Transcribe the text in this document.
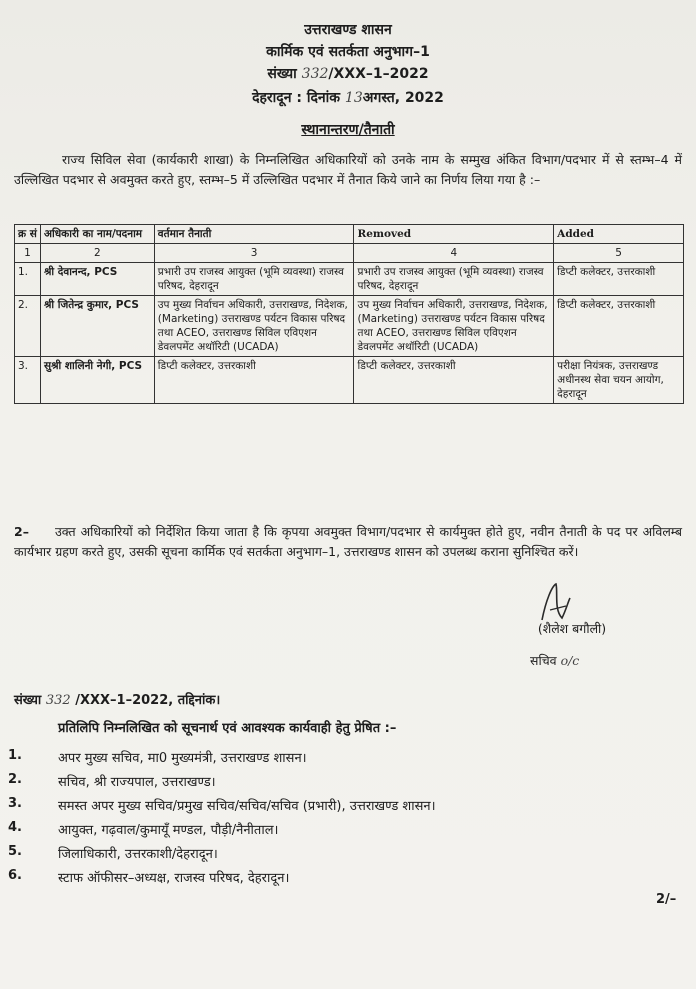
उत्तराखण्ड शासन
कार्मिक एवं सतर्कता अनुभाग–1
संख्या 332/XXX–1–2022
देहरादून : दिनांक 13अगस्त, 2022
स्थानान्तरण/तैनाती
राज्य सिविल सेवा (कार्यकारी शाखा) के निम्नलिखित अधिकारियों को उनके नाम के सम्मुख अंकित विभाग/पदभार में से स्तम्भ–4 में उल्लिखित पदभार से अवमुक्त करते हुए, स्तम्भ–5 में उल्लिखित पदभार में तैनात किये जाने का निर्णय लिया गया है :–
क्र सं	अधिकारी का नाम/पदनाम	वर्तमान तैनाती	Removed	Added
1	2	3	4	5
1.	श्री देवानन्द, PCS	प्रभारी उप राजस्व आयुक्त (भूमि व्यवस्था) राजस्व परिषद, देहरादून	प्रभारी उप राजस्व आयुक्त (भूमि व्यवस्था) राजस्व परिषद, देहरादून	डिप्टी कलेक्टर, उत्तरकाशी
2.	श्री जितेन्द्र कुमार, PCS	उप मुख्य निर्वाचन अधिकारी, उत्तराखण्ड, निदेशक, (Marketing) उत्तराखण्ड पर्यटन विकास परिषद तथा ACEO, उत्तराखण्ड सिविल एविएशन डेवलपमेंट अथॉरिटी (UCADA)	उप मुख्य निर्वाचन अधिकारी, उत्तराखण्ड, निदेशक, (Marketing) उत्तराखण्ड पर्यटन विकास परिषद तथा ACEO, उत्तराखण्ड सिविल एविएशन डेवलपमेंट अथॉरिटी (UCADA)	डिप्टी कलेक्टर, उत्तरकाशी
3.	सुश्री शालिनी नेगी, PCS	डिप्टी कलेक्टर, उत्तरकाशी	डिप्टी कलेक्टर, उत्तरकाशी	परीक्षा नियंत्रक, उत्तराखण्ड अधीनस्थ सेवा चयन आयोग, देहरादून
2– उक्त अधिकारियों को निर्देशित किया जाता है कि कृपया अवमुक्त विभाग/पदभार से कार्यमुक्त होते हुए, नवीन तैनाती के पद पर अविलम्ब कार्यभार ग्रहण करते हुए, उसकी सूचना कार्मिक एवं सतर्कता अनुभाग–1, उत्तराखण्ड शासन को उपलब्ध कराना सुनिश्चित करें।
(शैलेश बगौली)
सचिव ο/c
संख्या 332 /XXX–1–2022, तद्दिनांक।
प्रतिलिपि निम्नलिखित को सूचनार्थ एवं आवश्यक कार्यवाही हेतु प्रेषित :–
1.	अपर मुख्य सचिव, मा0 मुख्यमंत्री, उत्तराखण्ड शासन।
2.	सचिव, श्री राज्यपाल, उत्तराखण्ड।
3.	समस्त अपर मुख्य सचिव/प्रमुख सचिव/सचिव/सचिव (प्रभारी), उत्तराखण्ड शासन।
4.	आयुक्त, गढ़वाल/कुमायूँ मण्डल, पौड़ी/नैनीताल।
5.	जिलाधिकारी, उत्तरकाशी/देहरादून।
6.	स्टाफ ऑफीसर–अध्यक्ष, राजस्व परिषद, देहरादून।
2/–
